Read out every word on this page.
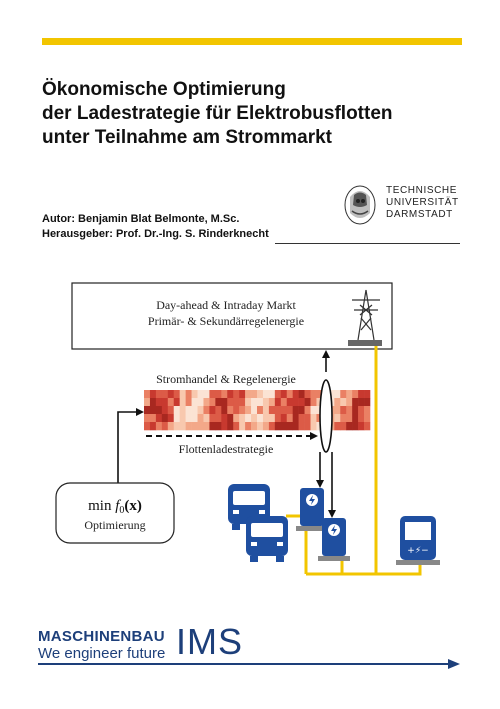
Ökonomische Optimierung
der Ladestrategie für Elektrobusflotten
unter Teilnahme am Strommarkt
Autor: Benjamin Blat Belmonte, M.Sc.
Herausgeber: Prof. Dr.-Ing. S. Rinderknecht
TECHNISCHE
UNIVERSITÄT
DARMSTADT
Day-ahead & Intraday Markt
Primär- & Sekundärregelenergie
Stromhandel & Regelenergie
Flottenladestrategie
$\min f_0(x)$
Optimierung
+⚡−
MASCHINENBAU
We engineer future IMS
